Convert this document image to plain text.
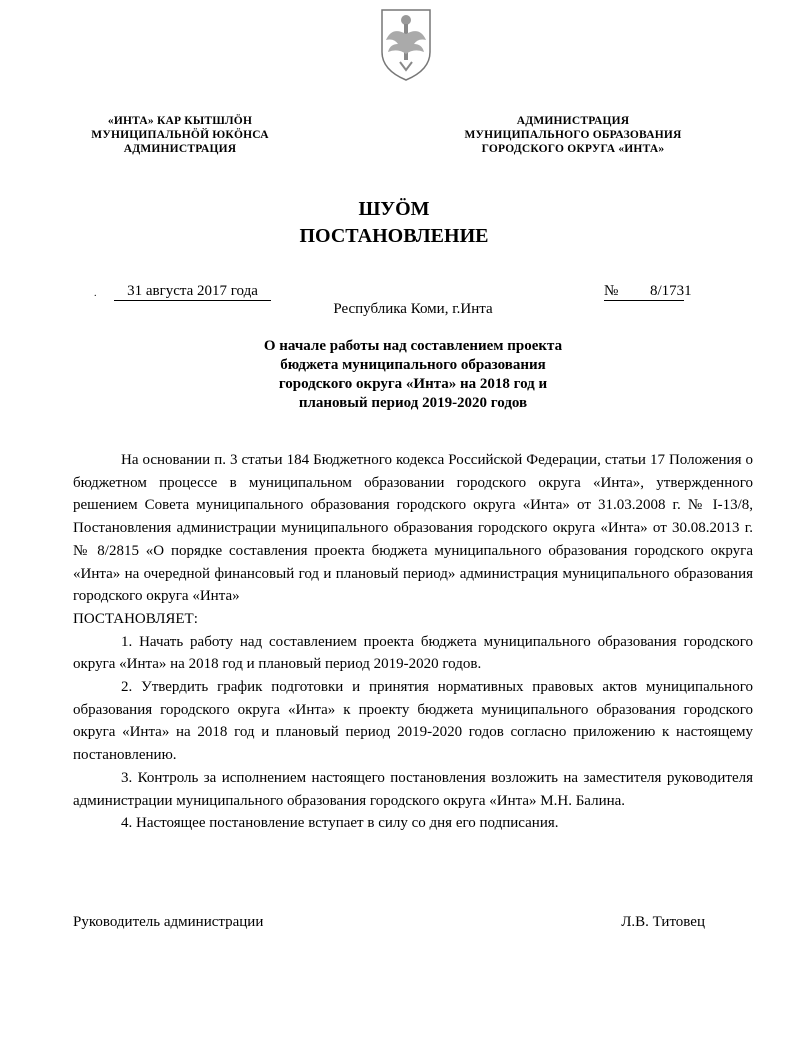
«ИНТА» КАР КЫТШЛӦН
МУНИЦИПАЛЬНӦЙ ЮКӦНСА
АДМИНИСТРАЦИЯ
АДМИНИСТРАЦИЯ
МУНИЦИПАЛЬНОГО ОБРАЗОВАНИЯ
ГОРОДСКОГО ОКРУГА «ИНТА»
ШУӦМ
ПОСТАНОВЛЕНИЕ
.	31 августа 2017 года	№ 8/1731
Республика Коми, г.Инта
О начале работы над составлением проекта
бюджета муниципального образования
городского округа «Инта» на 2018 год и
плановый период 2019-2020 годов

На основании п. 3 статьи 184 Бюджетного кодекса Российской Федерации, статьи 17 Положения о бюджетном процессе в муниципальном образовании городского округа «Инта», утвержденного решением Совета муниципального образования городского округа «Инта» от 31.03.2008 г. № I-13/8, Постановления администрации муниципального образования городского округа «Инта» от 30.08.2013 г. № 8/2815 «О порядке составления проекта бюджета муниципального образования городского округа «Инта» на очередной финансовый год и плановый период» администрация муниципального образования городского округа «Инта»

ПОСТАНОВЛЯЕТ:

1. Начать работу над составлением проекта бюджета муниципального образования городского округа «Инта» на 2018 год и плановый период 2019-2020 годов.

2. Утвердить график подготовки и принятия нормативных правовых актов муниципального образования городского округа «Инта» к проекту бюджета муниципального образования городского округа «Инта» на 2018 год и плановый период 2019-2020 годов согласно приложению к настоящему постановлению.

3. Контроль за исполнением настоящего постановления возложить на заместителя руководителя администрации муниципального образования городского округа «Инта» М.Н. Балина.

4. Настоящее постановление вступает в силу со дня его подписания.

Руководитель администрации	Л.В. Титовец
